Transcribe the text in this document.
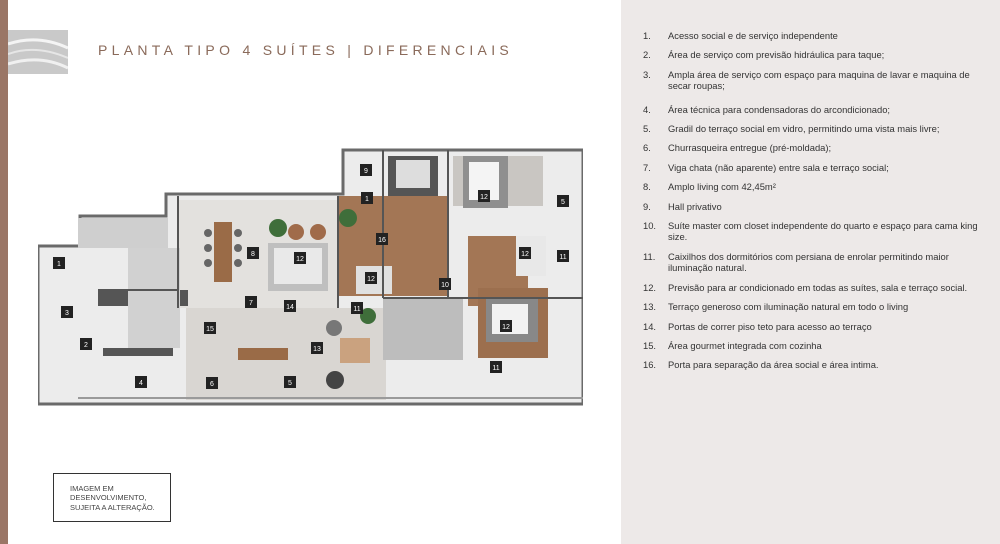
PLANTA TIPO 4 SUÍTES | DIFERENCIAIS
1
2
3
4	5
6
7
8
9
10
11
12
13
14
15
16
12
1
12
12	11
5
12
11
IMAGEM EM
DESENVOLVIMENTO,
SUJEITA A ALTERAÇÃO.
1. Acesso social e de serviço independente
2. Área de serviço com previsão hidráulica para taque;
3. Ampla área de serviço com espaço para maquina de lavar e maquina de secar roupas;
4. Área técnica para condensadoras do arcondicionado;
5. Gradil do terraço social em vidro, permitindo uma vista mais livre;
6. Churrasqueira entregue (pré-moldada);
7. Viga chata (não aparente) entre sala e terraço social;
8. Amplo living com 42,45m²
9. Hall privativo
10. Suíte master com closet independente do quarto e espaço para cama king size.
11. Caixilhos dos dormitórios com persiana de enrolar permitindo maior iluminação natural.
12. Previsão para ar condicionado em todas as suítes, sala e terraço social.
13. Terraço generoso com iluminação natural em todo o living
14. Portas de correr piso teto para acesso ao terraço
15. Área gourmet integrada com cozinha
16. Porta para separação da área social e área intima.
